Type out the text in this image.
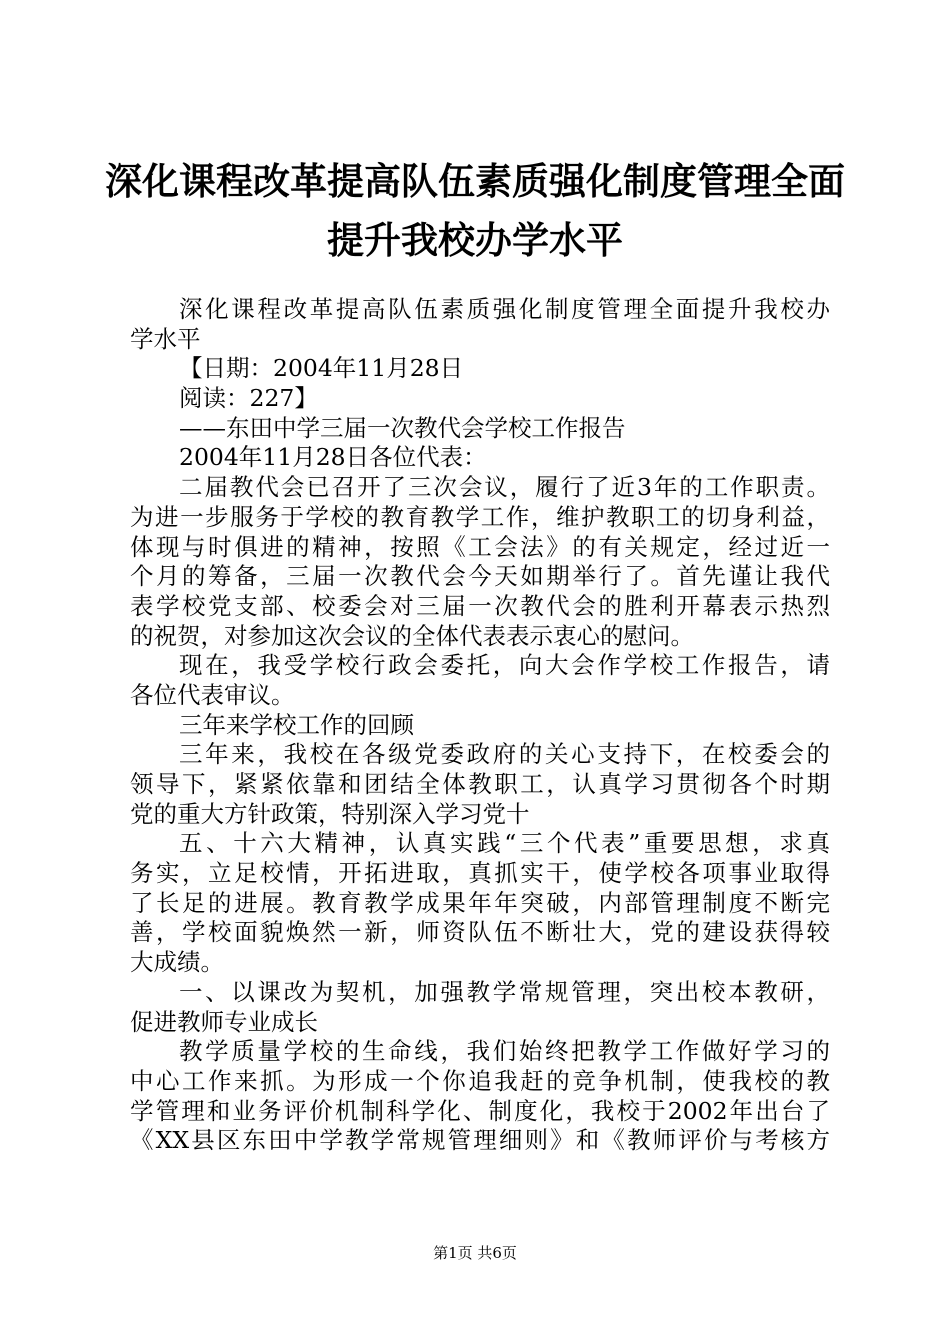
深化课程改革提高队伍素质强化制度管理全面
提升我校办学水平
深化课程改革提高队伍素质强化制度管理全面提升我校办
学水平
【日期：2004年11月28日
阅读：227】
——东田中学三届一次教代会学校工作报告
2004年11月28日各位代表：
二届教代会已召开了三次会议，履行了近3年的工作职责。
为进一步服务于学校的教育教学工作，维护教职工的切身利益，
体现与时俱进的精神，按照《工会法》的有关规定，经过近一
个月的筹备，三届一次教代会今天如期举行了。首先谨让我代
表学校党支部、校委会对三届一次教代会的胜利开幕表示热烈
的祝贺，对参加这次会议的全体代表表示衷心的慰问。
现在，我受学校行政会委托，向大会作学校工作报告，请
各位代表审议。
三年来学校工作的回顾
三年来，我校在各级党委政府的关心支持下，在校委会的
领导下，紧紧依靠和团结全体教职工，认真学习贯彻各个时期
党的重大方针政策，特别深入学习党十
五、十六大精神，认真实践“三个代表”重要思想，求真
务实，立足校情，开拓进取，真抓实干，使学校各项事业取得
了长足的进展。教育教学成果年年突破，内部管理制度不断完
善，学校面貌焕然一新，师资队伍不断壮大，党的建设获得较
大成绩。
一、以课改为契机，加强教学常规管理，突出校本教研，
促进教师专业成长
教学质量学校的生命线，我们始终把教学工作做好学习的
中心工作来抓。为形成一个你追我赶的竞争机制，使我校的教
学管理和业务评价机制科学化、制度化，我校于2002年出台了
《XX县区东田中学教学常规管理细则》和《教师评价与考核方
第1页 共6页
